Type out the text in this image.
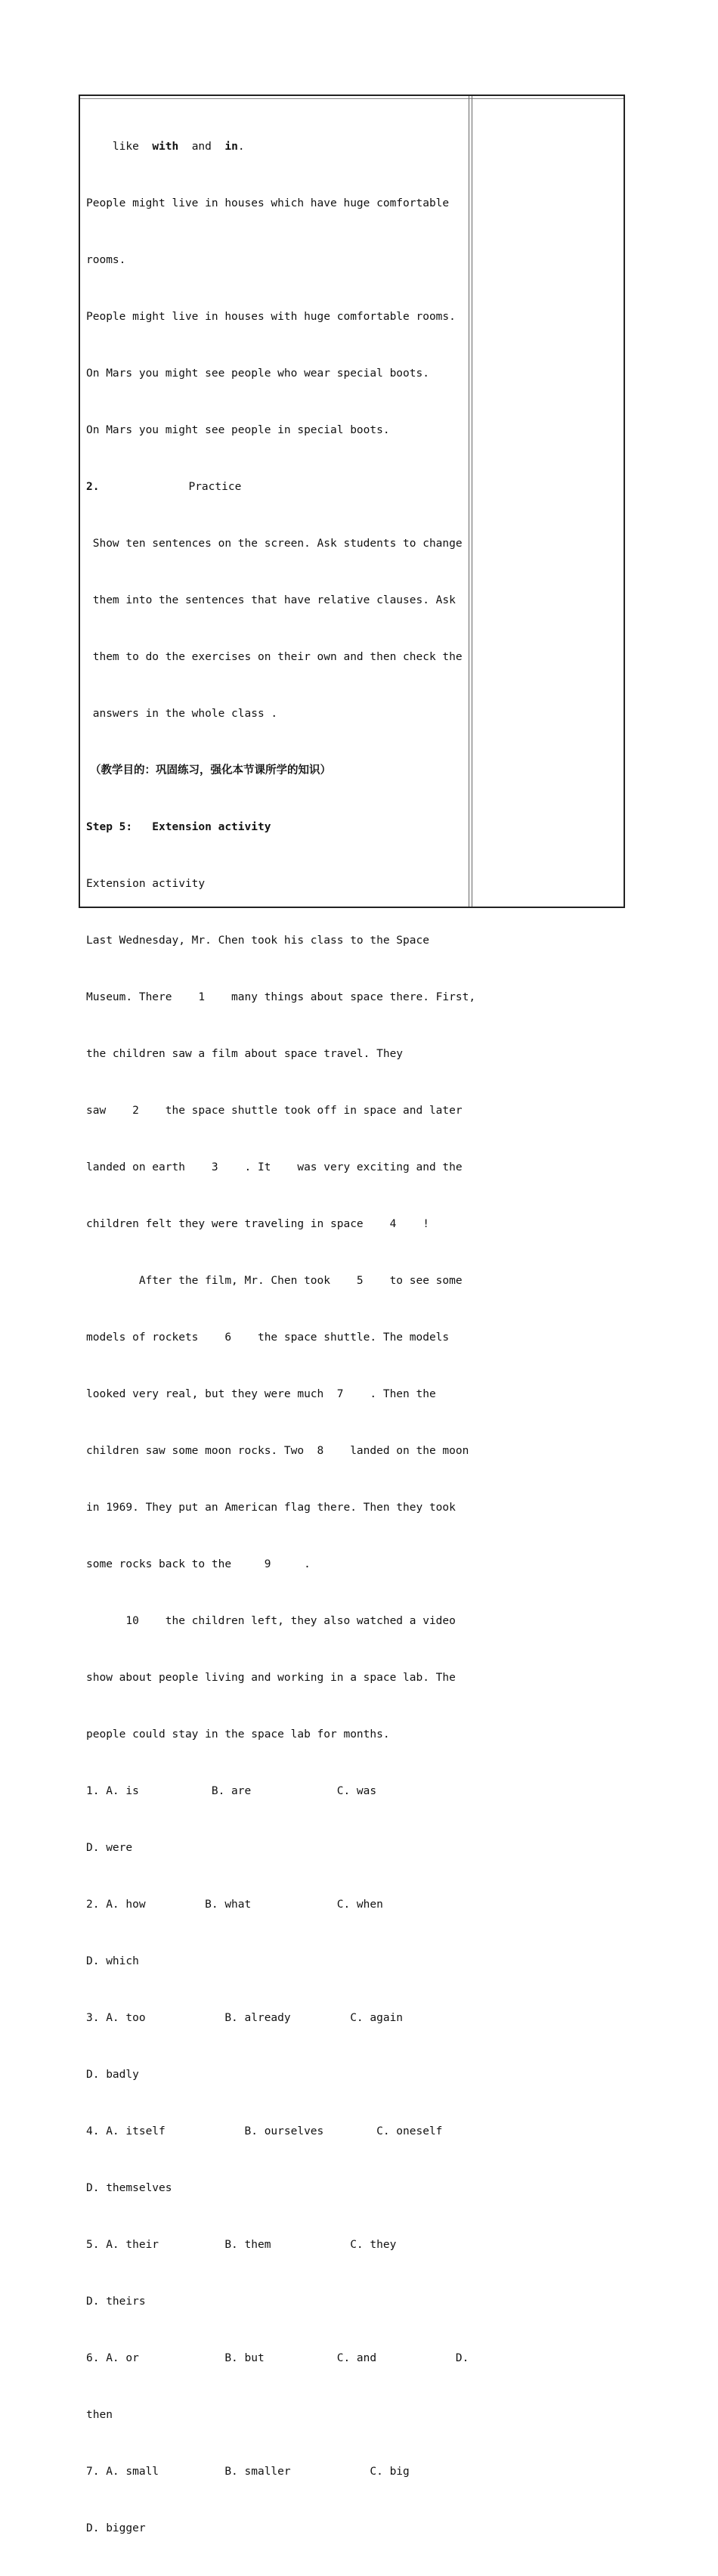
like  with  and  in.

People might live in houses which have huge comfortable

rooms.

People might live in houses with huge comfortable rooms.

On Mars you might see people who wear special boots.

On Mars you might see people in special boots.

2.	Practice

Show ten sentences on the screen. Ask students to change

them into the sentences that have relative clauses. Ask

them to do the exercises on their own and then check the

answers in the whole class .

（教学目的：巩固练习，强化本节课所学的知识）

Step 5:   Extension activity

Extension activity

Last Wednesday, Mr. Chen took his class to the Space

Museum. There    1    many things about space there. First,

the children saw a film about space travel. They

saw    2    the space shuttle took off in space and later

landed on earth    3    . It    was very exciting and the

children felt they were traveling in space    4    !

After the film, Mr. Chen took    5    to see some

models of rockets    6    the space shuttle. The models

looked very real, but they were much  7    . Then the

children saw some moon rocks. Two  8    landed on the moon

in 1969. They put an American flag there. Then they took

some rocks back to the     9     .

10    the children left, they also watched a video

show about people living and working in a space lab. The

people could stay in the space lab for months.

1. A. is           B. are             C. was

D. were

2. A. how         B. what             C. when

D. which

3. A. too            B. already         C. again

D. badly

4. A. itself            B. ourselves        C. oneself

D. themselves

5. A. their          B. them            C. they

D. theirs

6. A. or             B. but           C. and            D.

then

7. A. small          B. smaller            C. big

D. bigger
